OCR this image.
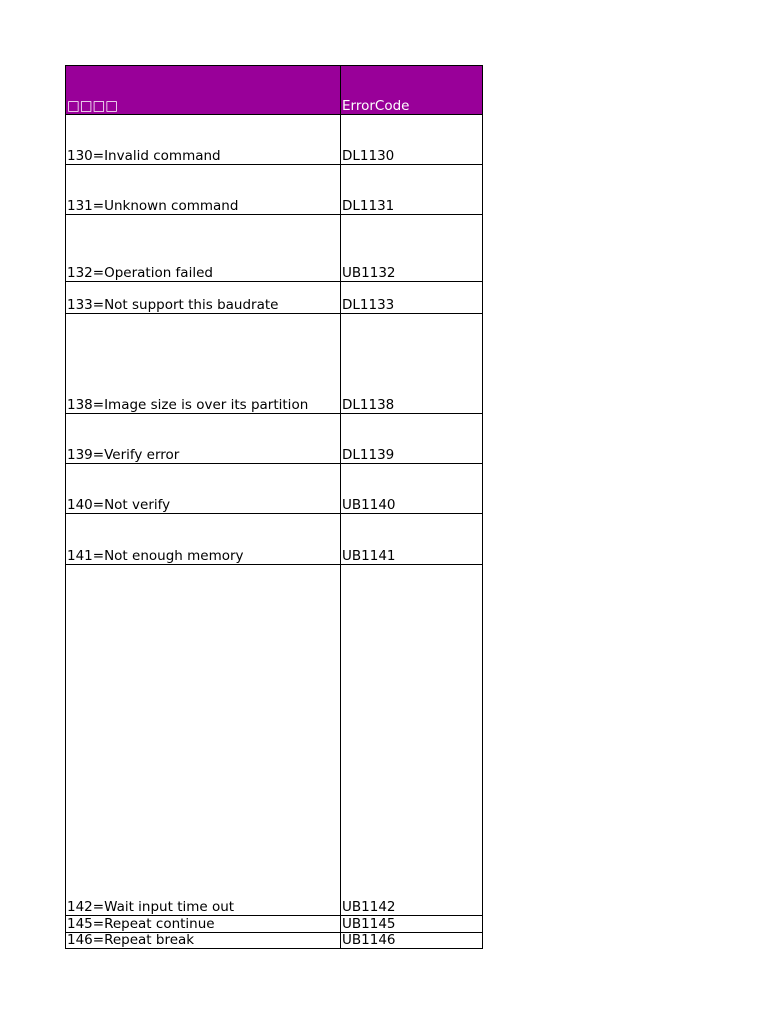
□□□□	ErrorCode
130=Invalid command	DL1130
131=Unknown command	DL1131
132=Operation failed	UB1132
133=Not support this baudrate	DL1133
138=Image size is over its partition	DL1138
139=Verify error	DL1139
140=Not verify	UB1140
141=Not enough memory	UB1141
142=Wait input time out	UB1142
145=Repeat continue	UB1145
146=Repeat break	UB1146
